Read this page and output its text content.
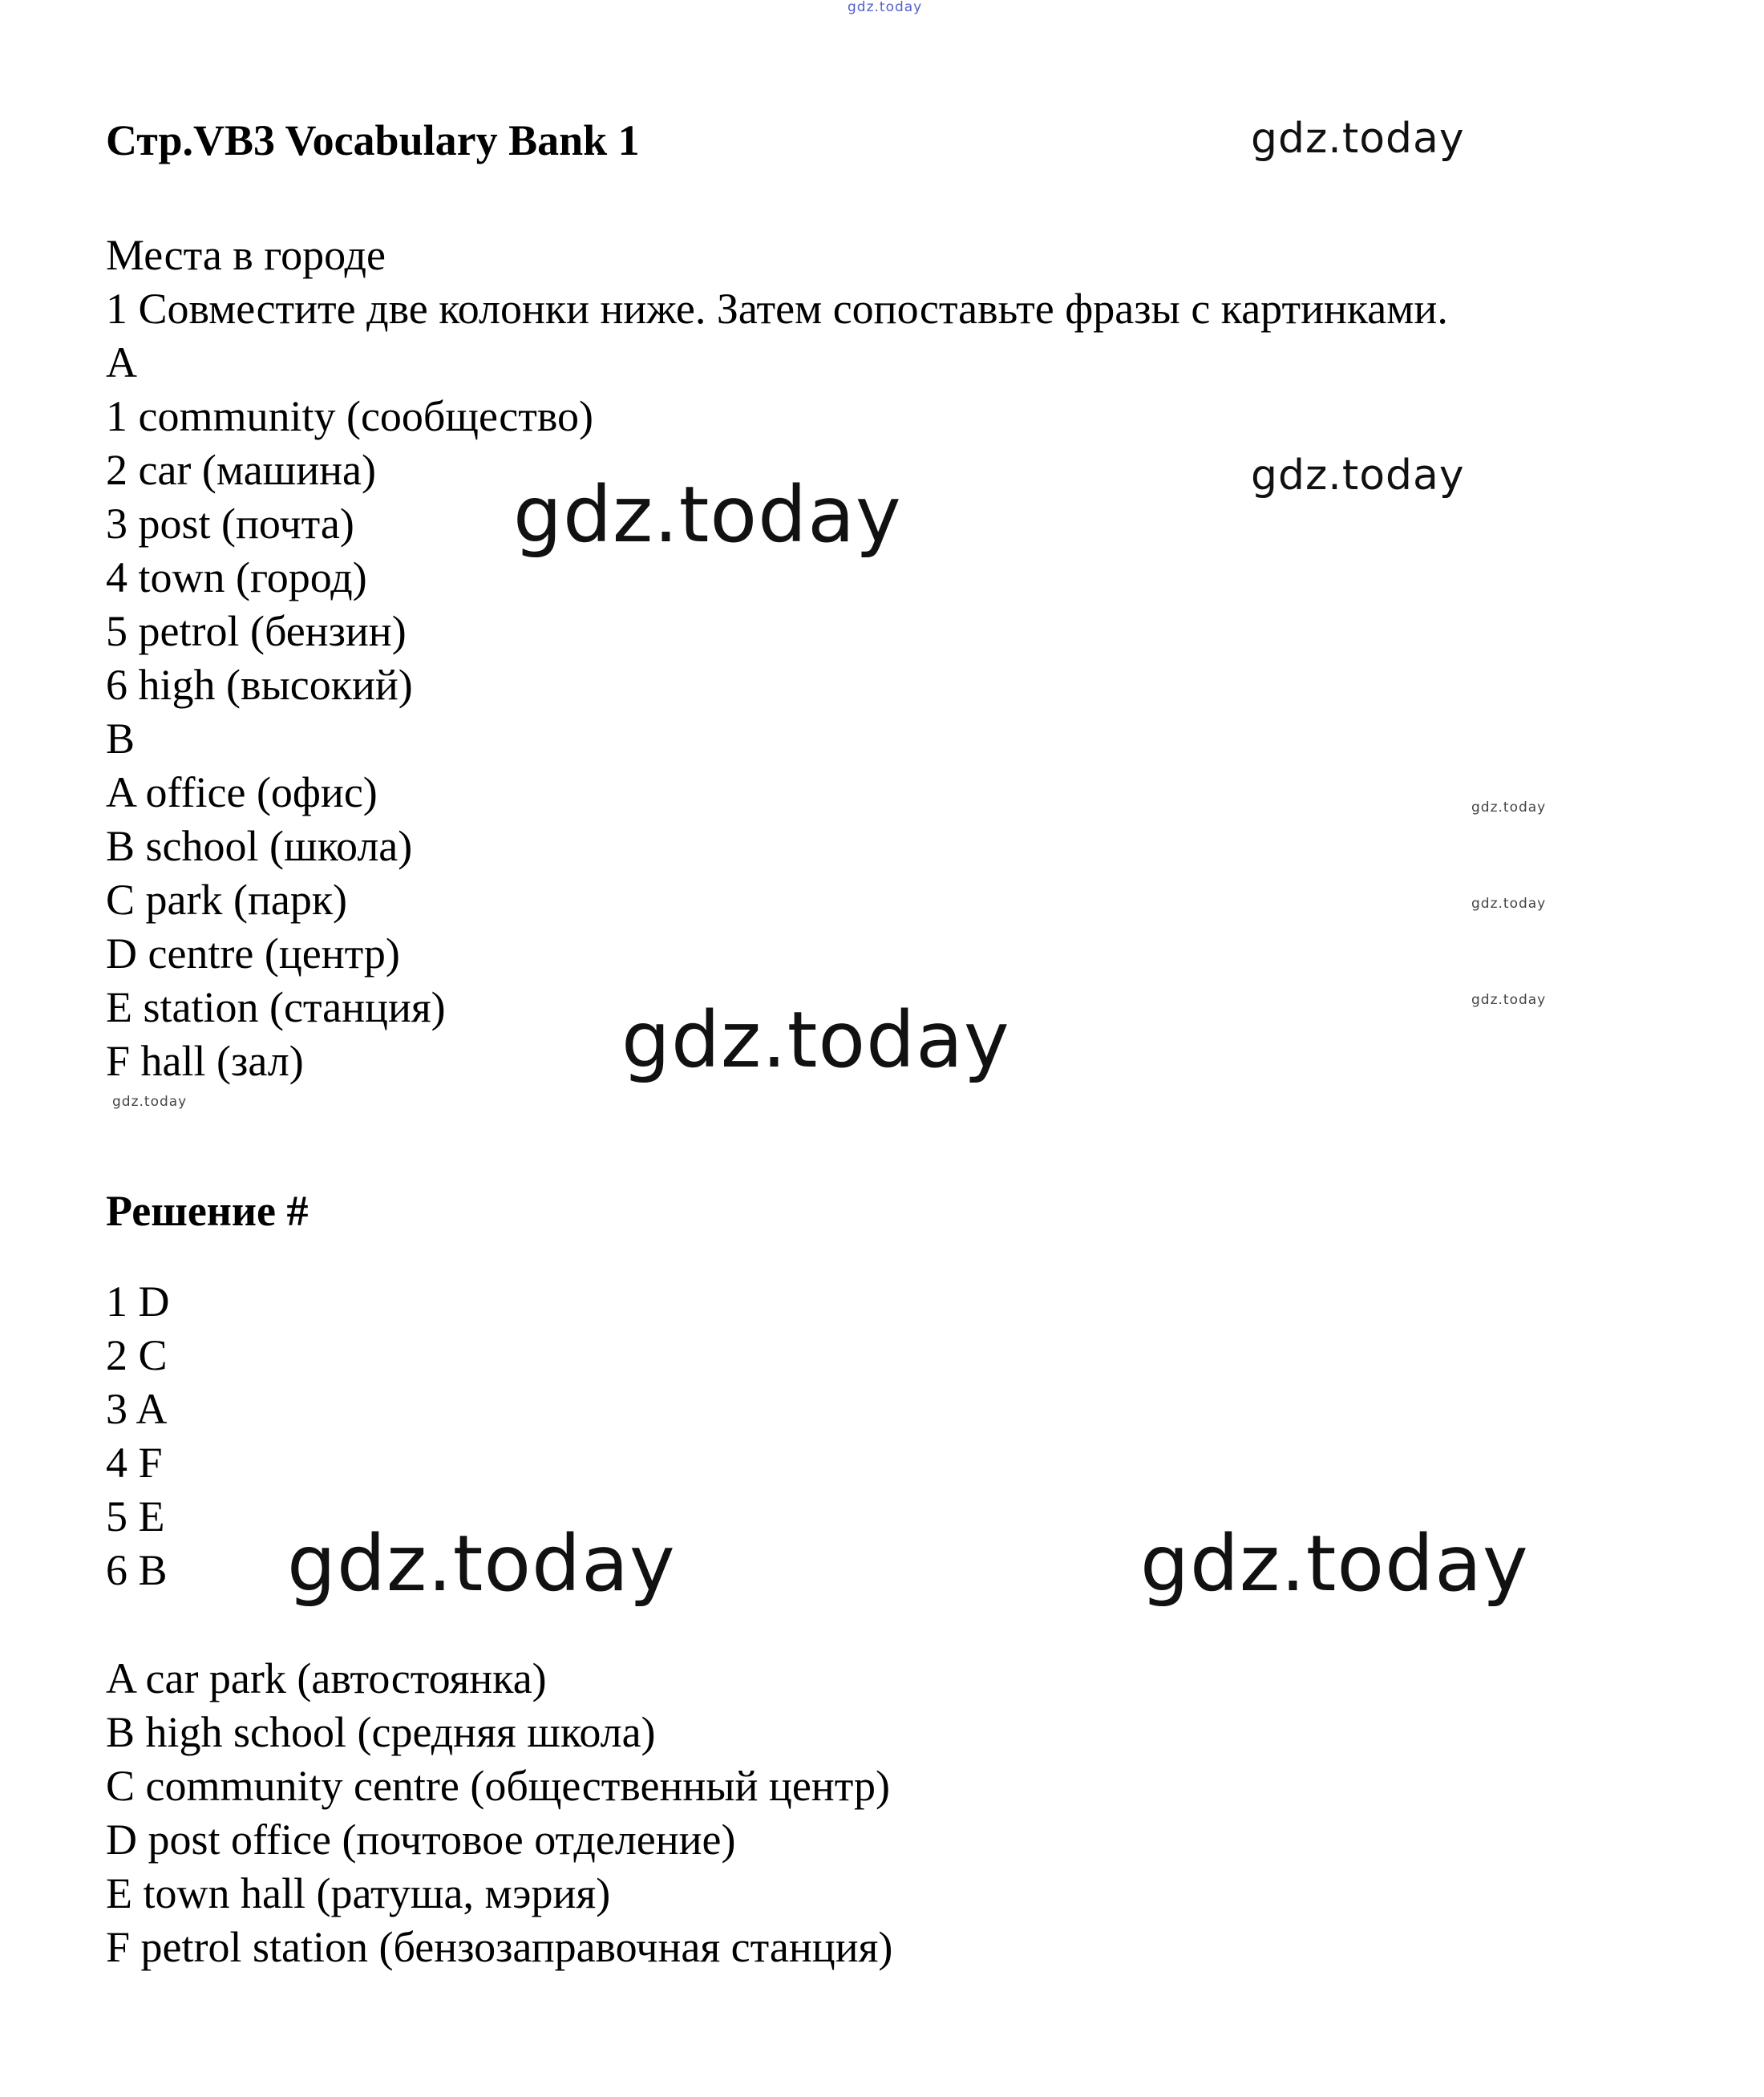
gdz.today
Стр.VB3 Vocabulary Bank 1	gdz.today
Места в городе
1 Совместите две колонки ниже. Затем сопоставьте фразы с картинками.
A
1 community (сообщество)
2 car (машина)
3 post (почта)
4 town (город)
5 petrol (бензин)
6 high (высокий)
B
A office (офис)
B school (школа)
C park (парк)
D centre (центр)
E station (станция)
F hall (зал)
gdz.today	gdz.today
gdz.today
gdz.today
gdz.today
gdz.today
gdz.today
Решение #
1 D
2 C
3 A
4 F
5 E
6 B gdz.today	gdz.today
A car park (автостоянка)
B high school (средняя школа)
C community centre (общественный центр)
D post office (почтовое отделение)
E town hall (ратуша, мэрия)
F petrol station (бензозаправочная станция)
